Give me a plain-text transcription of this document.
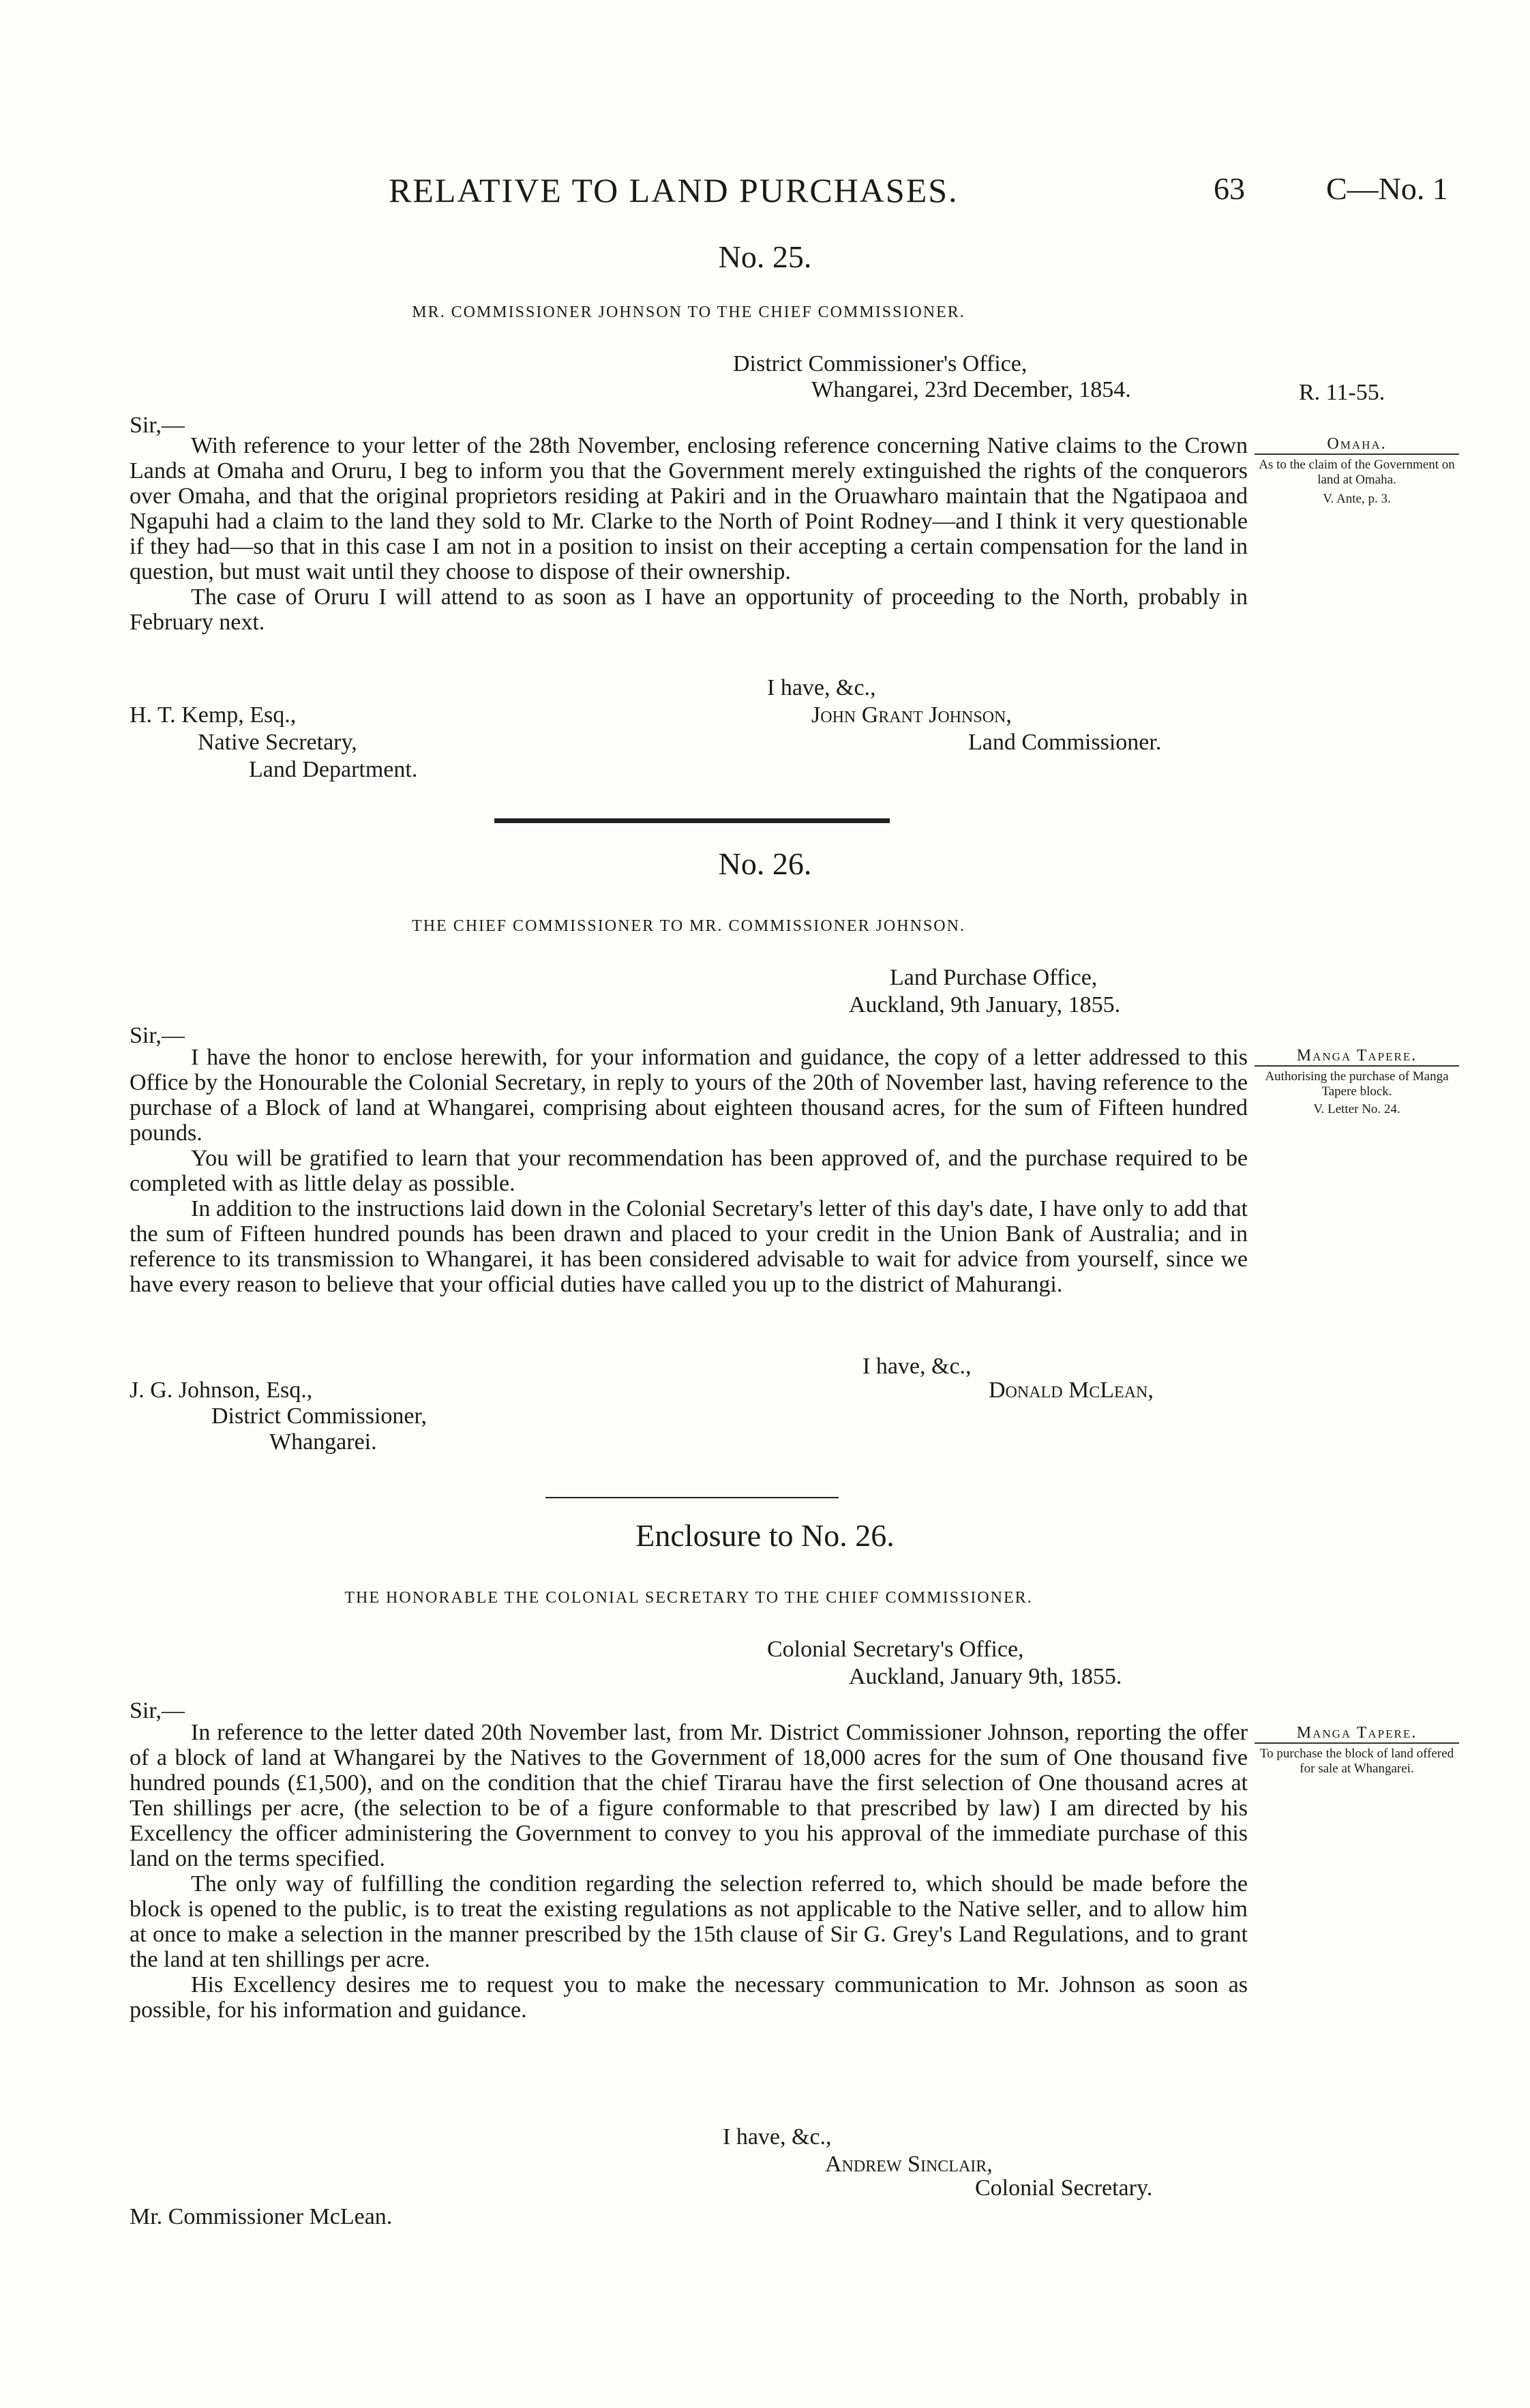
RELATIVE TO LAND PURCHASES.	63	C—No. 1
No. 25.
MR. COMMISSIONER JOHNSON TO THE CHIEF COMMISSIONER.
District Commissioner's Office,
Whangarei, 23rd December, 1854.	R. 11-55.
Sir,—

With reference to your letter of the 28th November, enclosing reference concerning Native claims to the Crown Lands at Omaha and Oruru, I beg to inform you that the Government merely extinguished the rights of the conquerors over Omaha, and that the original proprietors residing at Pakiri and in the Oruawharo maintain that the Ngatipaoa and Ngapuhi had a claim to the land they sold to Mr. Clarke to the North of Point Rodney—and I think it very questionable if they had—so that in this case I am not in a position to insist on their accepting a certain compensation for the land in question, but must wait until they choose to dispose of their ownership.

The case of Oruru I will attend to as soon as I have an opportunity of proceeding to the North, probably in February next.

I have, &c.,
John Grant Johnson,
Land Commissioner.
H. T. Kemp, Esq.,
Native Secretary,
Land Department.
Omaha.
As to the claim of the Government on land at Omaha.
V. Ante, p. 3.
No. 26.
THE CHIEF COMMISSIONER TO MR. COMMISSIONER JOHNSON.
Land Purchase Office,
Auckland, 9th January, 1855.
Sir,—

I have the honor to enclose herewith, for your information and guidance, the copy of a letter addressed to this Office by the Honourable the Colonial Secretary, in reply to yours of the 20th of November last, having reference to the purchase of a Block of land at Whangarei, comprising about eighteen thousand acres, for the sum of Fifteen hundred pounds.

You will be gratified to learn that your recommendation has been approved of, and the purchase required to be completed with as little delay as possible.

In addition to the instructions laid down in the Colonial Secretary's letter of this day's date, I have only to add that the sum of Fifteen hundred pounds has been drawn and placed to your credit in the Union Bank of Australia; and in reference to its transmission to Whangarei, it has been considered advisable to wait for advice from yourself, since we have every reason to believe that your official duties have called you up to the district of Mahurangi.

I have, &c.,
Donald McLean,
J. G. Johnson, Esq.,
District Commissioner,
Whangarei.
Manga Tapere.
Authorising the purchase of Manga Tapere block.
V. Letter No. 24.
Enclosure to No. 26.
THE HONORABLE THE COLONIAL SECRETARY TO THE CHIEF COMMISSIONER.
Colonial Secretary's Office,
Auckland, January 9th, 1855.
Sir,—

In reference to the letter dated 20th November last, from Mr. District Commissioner Johnson, reporting the offer of a block of land at Whangarei by the Natives to the Government of 18,000 acres for the sum of One thousand five hundred pounds (£1,500), and on the condition that the chief Tirarau have the first selection of One thousand acres at Ten shillings per acre, (the selection to be of a figure conformable to that prescribed by law) I am directed by his Excellency the officer administering the Government to convey to you his approval of the immediate purchase of this land on the terms specified.

The only way of fulfilling the condition regarding the selection referred to, which should be made before the block is opened to the public, is to treat the existing regulations as not applicable to the Native seller, and to allow him at once to make a selection in the manner prescribed by the 15th clause of Sir G. Grey's Land Regulations, and to grant the land at ten shillings per acre.

His Excellency desires me to request you to make the necessary communication to Mr. Johnson as soon as possible, for his information and guidance.

I have, &c.,
Andrew Sinclair,
Colonial Secretary.
Mr. Commissioner McLean.
Manga Tapere.
To purchase the block of land offered for sale at Whangarei.
